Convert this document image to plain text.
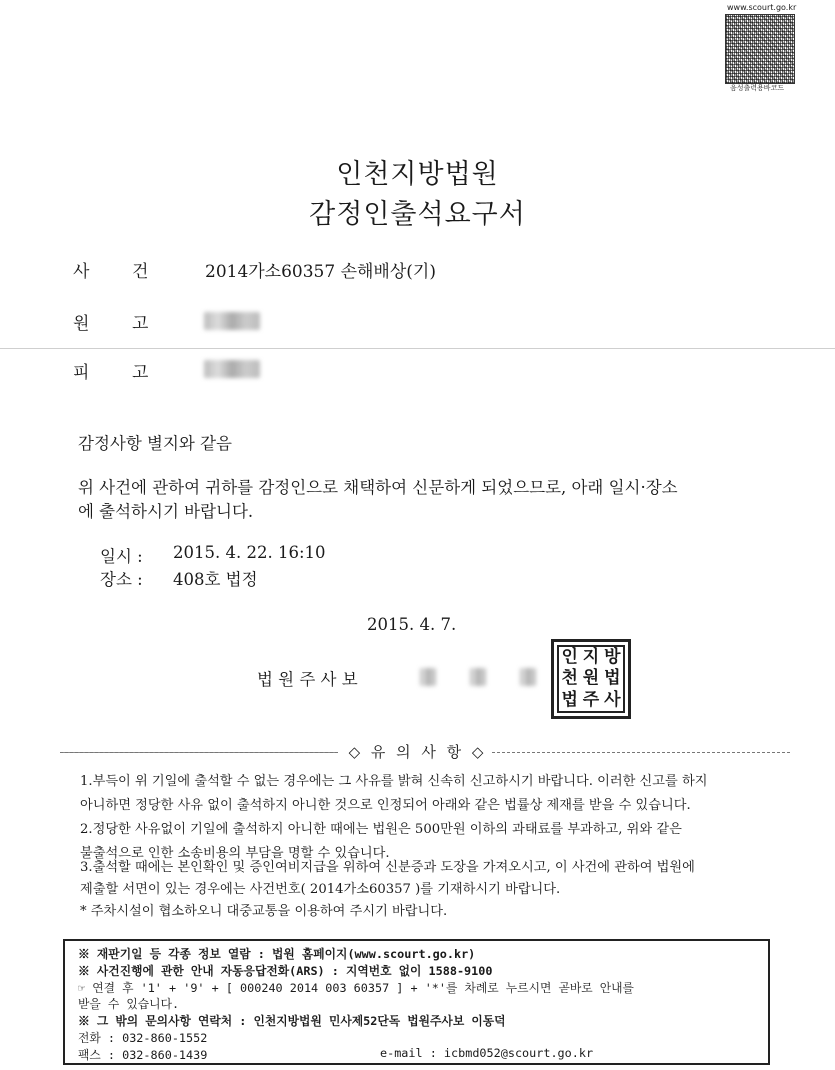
www.scourt.go.kr
음성출력용바코드
인천지방법원
감정인출석요구서
사	건	2014가소60357 손해배상(기)
원	고
피	고
감정사항 별지와 같음
위 사건에 관하여 귀하를 감정인으로 채택하여 신문하게 되었으므로, 아래 일시·장소
에 출석하시기 바랍니다.
일시 : 2015. 4. 22. 16:10
장소 : 408호 법정
2015. 4. 7.
법 원 주 사 보
인 지 방
천 원 법
법 주 사
◇ 유 의 사 항 ◇
1.부득이 위 기일에 출석할 수 없는 경우에는 그 사유를 밝혀 신속히 신고하시기 바랍니다. 이러한 신고를 하지
아니하면 정당한 사유 없이 출석하지 아니한 것으로 인정되어 아래와 같은 법률상 제재를 받을 수 있습니다.
2.정당한 사유없이 기일에 출석하지 아니한 때에는 법원은 500만원 이하의 과태료를 부과하고, 위와 같은
불출석으로 인한 소송비용의 부담을 명할 수 있습니다.
3.출석할 때에는 본인확인 및 증인여비지급을 위하여 신분증과 도장을 가져오시고, 이 사건에 관하여 법원에
제출할 서면이 있는 경우에는 사건번호( 2014가소60357 )를 기재하시기 바랍니다.
* 주차시설이 협소하오니 대중교통을 이용하여 주시기 바랍니다.
※ 재판기일 등 각종 정보 열람 : 법원 홈페이지(www.scourt.go.kr)
※ 사건진행에 관한 안내 자동응답전화(ARS) : 지역번호 없이 1588-9100
☞ 연결 후 '1' + '9' + [ 000240 2014 003 60357 ] + '*'를 차례로 누르시면 곧바로 안내를
받을 수 있습니다.
※ 그 밖의 문의사항 연락처 : 인천지방법원 민사제52단독 법원주사보 이동덕
전화 : 032-860-1552
팩스 : 032-860-1439	e-mail : icbmd052@scourt.go.kr
